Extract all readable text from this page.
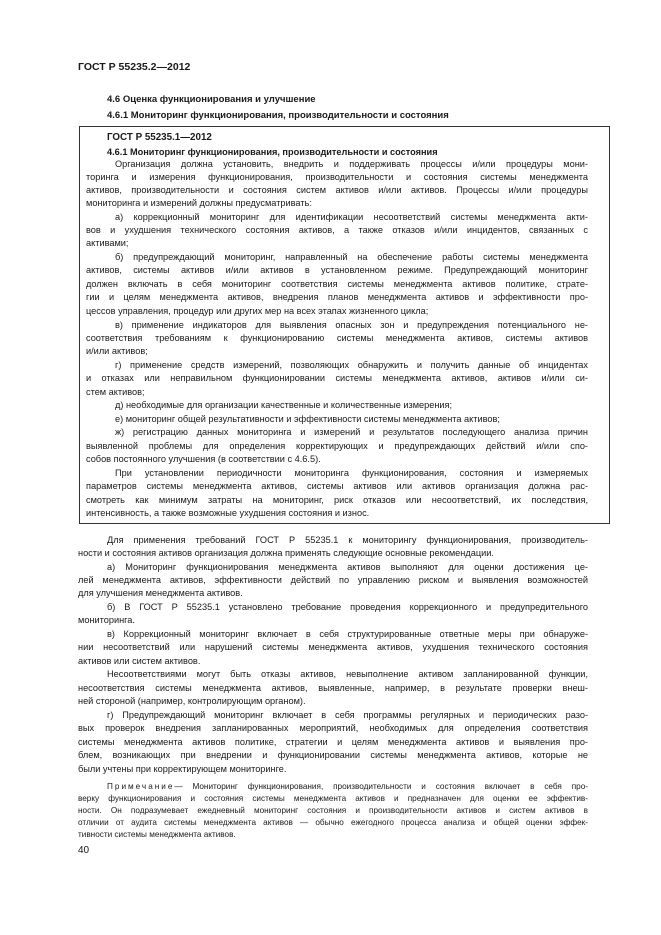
ГОСТ Р 55235.2—2012
4.6 Оценка функционирования и улучшение
4.6.1 Мониторинг функционирования, производительности и состояния
ГОСТ Р 55235.1—2012
4.6.1 Мониторинг функционирования, производительности и состояния
Организация должна установить, внедрить и поддерживать процессы и/или процедуры мони-
торинга и измерения функционирования, производительности и состояния системы менеджмента
активов, производительности и состояния систем активов и/или активов. Процессы и/или процедуры
мониторинга и измерений должны предусматривать:
а) коррекционный мониторинг для идентификации несоответствий системы менеджмента акти-
вов и ухудшения технического состояния активов, а также отказов и/или инцидентов, связанных с
активами;
б) предупреждающий мониторинг, направленный на обеспечение работы системы менеджмента
активов, системы активов и/или активов в установленном режиме. Предупреждающий мониторинг
должен включать в себя мониторинг соответствия системы менеджмента активов политике, страте-
гии и целям менеджмента активов, внедрения планов менеджмента активов и эффективности про-
цессов управления, процедур или других мер на всех этапах жизненного цикла;
в) применение индикаторов для выявления опасных зон и предупреждения потенциального не-
соответствия требованиям к функционированию системы менеджмента активов, системы активов
и/или активов;
г) применение средств измерений, позволяющих обнаружить и получить данные об инцидентах
и отказах или неправильном функционировании системы менеджмента активов, активов и/или си-
стем активов;
д) необходимые для организации качественные и количественные измерения;
е) мониторинг общей результативности и эффективности системы менеджмента активов;
ж) регистрацию данных мониторинга и измерений и результатов последующего анализа причин
выявленной проблемы для определения корректирующих и предупреждающих действий и/или спо-
собов постоянного улучшения (в соответствии с 4.6.5).
При установлении периодичности мониторинга функционирования, состояния и измеряемых
параметров системы менеджмента активов, системы активов или активов организация должна рас-
смотреть как минимум затраты на мониторинг, риск отказов или несоответствий, их последствия,
интенсивность, а также возможные ухудшения состояния и износ.
Для применения требований ГОСТ Р 55235.1 к мониторингу функционирования, производитель-
ности и состояния активов организация должна применять следующие основные рекомендации.
а) Мониторинг функционирования менеджмента активов выполняют для оценки достижения це-
лей менеджмента активов, эффективности действий по управлению риском и выявления возможностей
для улучшения менеджмента активов.
б) В ГОСТ Р 55235.1 установлено требование проведения коррекционного и предупредительного
мониторинга.
в) Коррекционный мониторинг включает в себя структурированные ответные меры при обнаруже-
нии несоответствий или нарушений системы менеджмента активов, ухудшения технического состояния
активов или систем активов.
Несоответствиями могут быть отказы активов, невыполнение активом запланированной функции,
несоответствия системы менеджмента активов, выявленные, например, в результате проверки внеш-
ней стороной (например, контролирующим органом).
г) Предупреждающий мониторинг включает в себя программы регулярных и периодических разо-
вых проверок внедрения запланированных мероприятий, необходимых для определения соответствия
системы менеджмента активов политике, стратегии и целям менеджмента активов и выявления про-
блем, возникающих при внедрении и функционировании системы менеджмента активов, которые не
были учтены при корректирующем мониторинге.
Примечание — Мониторинг функционирования, производительности и состояния включает в себя про-
верку функционирования и состояния системы менеджмента активов и предназначен для оценки ее эффектив-
ности. Он подразумевает ежедневный мониторинг состояния и производительности активов и систем активов в
отличии от аудита системы менеджмента активов — обычно ежегодного процесса анализа и общей оценки эффек-
тивности системы менеджмента активов.
40
